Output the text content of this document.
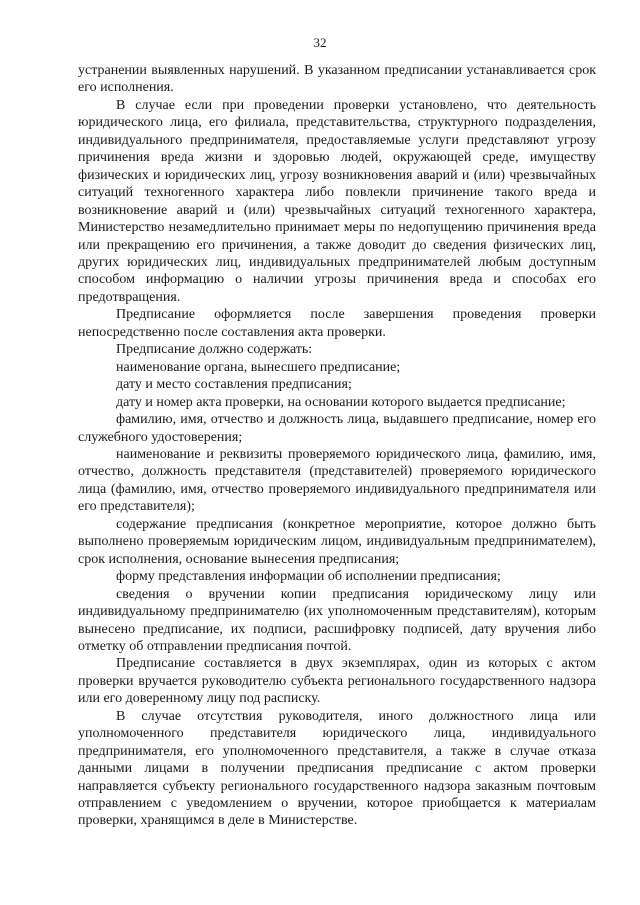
32

устранении выявленных нарушений. В указанном предписании устанавливается срок его исполнения.

В случае если при проведении проверки установлено, что деятельность юридического лица, его филиала, представительства, структурного подразделения, индивидуального предпринимателя, предоставляемые услуги представляют угрозу причинения вреда жизни и здоровью людей, окружающей среде, имуществу физических и юридических лиц, угрозу возникновения аварий и (или) чрезвычайных ситуаций техногенного характера либо повлекли причинение такого вреда и возникновение аварий и (или) чрезвычайных ситуаций техногенного характера, Министерство незамедлительно принимает меры по недопущению причинения вреда или прекращению его причинения, а также доводит до сведения физических лиц, других юридических лиц, индивидуальных предпринимателей любым доступным способом информацию о наличии угрозы причинения вреда и способах его предотвращения.

Предписание оформляется после завершения проведения проверки непосредственно после составления акта проверки.

Предписание должно содержать:

наименование органа, вынесшего предписание;

дату и место составления предписания;

дату и номер акта проверки, на основании которого выдается предписание;

фамилию, имя, отчество и должность лица, выдавшего предписание, номер его служебного удостоверения;

наименование и реквизиты проверяемого юридического лица, фамилию, имя, отчество, должность представителя (представителей) проверяемого юридического лица (фамилию, имя, отчество проверяемого индивидуального предпринимателя или его представителя);

содержание предписания (конкретное мероприятие, которое должно быть выполнено проверяемым юридическим лицом, индивидуальным предпринимателем), срок исполнения, основание вынесения предписания;

форму представления информации об исполнении предписания;

сведения о вручении копии предписания юридическому лицу или индивидуальному предпринимателю (их уполномоченным представителям), которым вынесено предписание, их подписи, расшифровку подписей, дату вручения либо отметку об отправлении предписания почтой.

Предписание составляется в двух экземплярах, один из которых с актом проверки вручается руководителю субъекта регионального государственного надзора или его доверенному лицу под расписку.

В случае отсутствия руководителя, иного должностного лица или уполномоченного представителя юридического лица, индивидуального предпринимателя, его уполномоченного представителя, а также в случае отказа данными лицами в получении предписания предписание с актом проверки направляется субъекту регионального государственного надзора заказным почтовым отправлением с уведомлением о вручении, которое приобщается к материалам проверки, хранящимся в деле в Министерстве.
